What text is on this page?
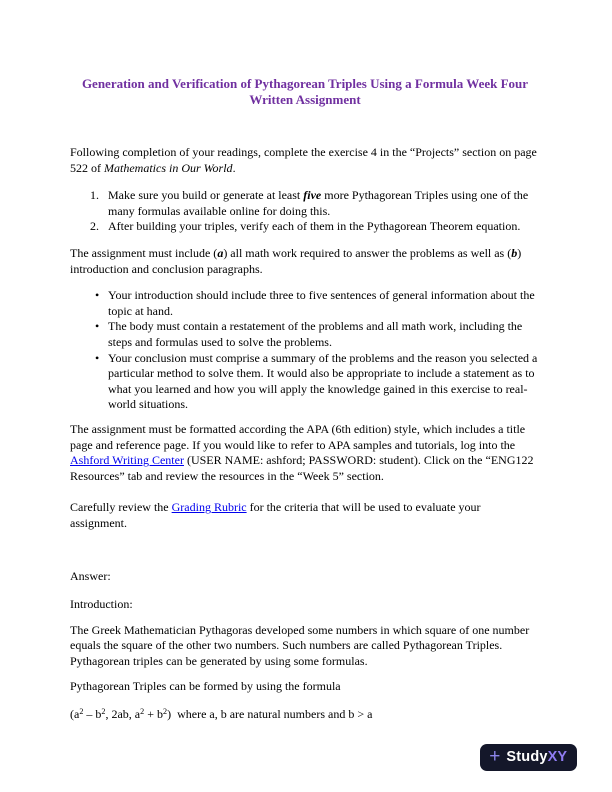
Generation and Verification of Pythagorean Triples Using a Formula Week Four Written Assignment

Following completion of your readings, complete the exercise 4 in the “Projects” section on page 522 of Mathematics in Our World.

1. Make sure you build or generate at least five more Pythagorean Triples using one of the many formulas available online for doing this.
2. After building your triples, verify each of them in the Pythagorean Theorem equation.

The assignment must include (a) all math work required to answer the problems as well as (b) introduction and conclusion paragraphs.

• Your introduction should include three to five sentences of general information about the topic at hand.
• The body must contain a restatement of the problems and all math work, including the steps and formulas used to solve the problems.
• Your conclusion must comprise a summary of the problems and the reason you selected a particular method to solve them. It would also be appropriate to include a statement as to what you learned and how you will apply the knowledge gained in this exercise to real-world situations.

The assignment must be formatted according the APA (6th edition) style, which includes a title page and reference page. If you would like to refer to APA samples and tutorials, log into the Ashford Writing Center (USER NAME: ashford; PASSWORD: student). Click on the “ENG122 Resources” tab and review the resources in the “Week 5” section.

Carefully review the Grading Rubric for the criteria that will be used to evaluate your assignment.

Answer:

Introduction:

The Greek Mathematician Pythagoras developed some numbers in which square of one number equals the square of the other two numbers. Such numbers are called Pythagorean Triples. Pythagorean triples can be generated by using some formulas.

Pythagorean Triples can be formed by using the formula

($a^2 - b^2$, 2ab, $a^2 + b^2$)  where a, b are natural numbers and b > a

+ Study XY
